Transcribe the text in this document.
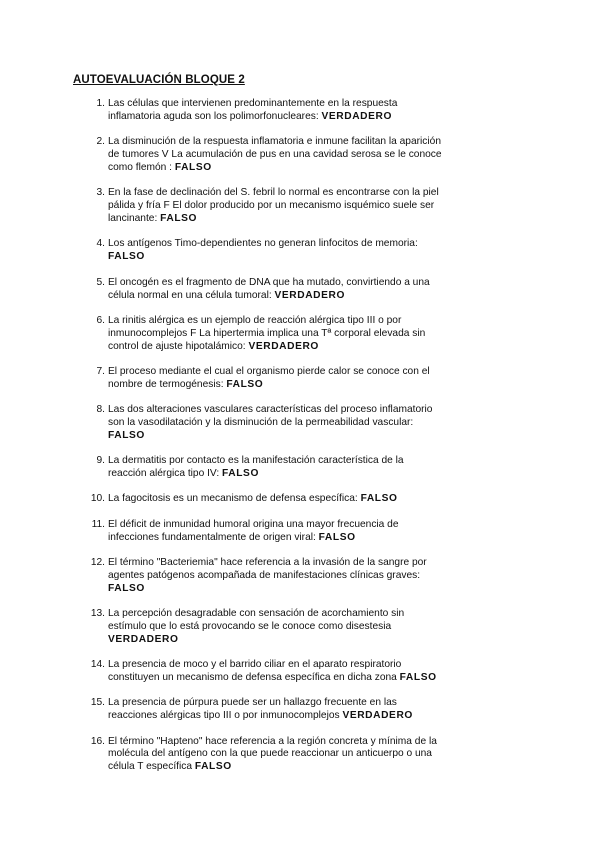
AUTOEVALUACIÓN BLOQUE 2
1. Las células que intervienen predominantemente en la respuesta inflamatoria aguda son los polimorfonucleares: VERDADERO
2. La disminución de la respuesta inflamatoria e inmune facilitan la aparición de tumores V La acumulación de pus en una cavidad serosa se le conoce como flemón : FALSO
3. En la fase de declinación del S. febril lo normal es encontrarse con la piel pálida y fría F El dolor producido por un mecanismo isquémico suele ser lancinante: FALSO
4. Los antígenos Timo-dependientes no generan linfocitos de memoria: FALSO
5. El oncogén es el fragmento de DNA que ha mutado, convirtiendo a una célula normal en una célula tumoral: VERDADERO
6. La rinitis alérgica es un ejemplo de reacción alérgica tipo III o por inmunocomplejos F La hipertermia implica una Tª corporal elevada sin control de ajuste hipotalámico: VERDADERO
7. El proceso mediante el cual el organismo pierde calor se conoce con el nombre de termogénesis: FALSO
8. Las dos alteraciones vasculares características del proceso inflamatorio son la vasodilatación y la disminución de la permeabilidad vascular: FALSO
9. La dermatitis por contacto es la manifestación característica de la reacción alérgica tipo IV: FALSO
10. La fagocitosis es un mecanismo de defensa específica: FALSO
11. El déficit de inmunidad humoral origina una mayor frecuencia de infecciones fundamentalmente de origen viral: FALSO
12. El término "Bacteriemia" hace referencia a la invasión de la sangre por agentes patógenos acompañada de manifestaciones clínicas graves: FALSO
13. La percepción desagradable con sensación de acorchamiento sin estímulo que lo está provocando se le conoce como disestesia VERDADERO
14. La presencia de moco y el barrido ciliar en el aparato respiratorio constituyen un mecanismo de defensa específica en dicha zona FALSO
15. La presencia de púrpura puede ser un hallazgo frecuente en las reacciones alérgicas tipo III o por inmunocomplejos VERDADERO
16. El término "Hapteno" hace referencia a la región concreta y mínima de la molécula del antígeno con la que puede reaccionar un anticuerpo o una célula T específica FALSO
